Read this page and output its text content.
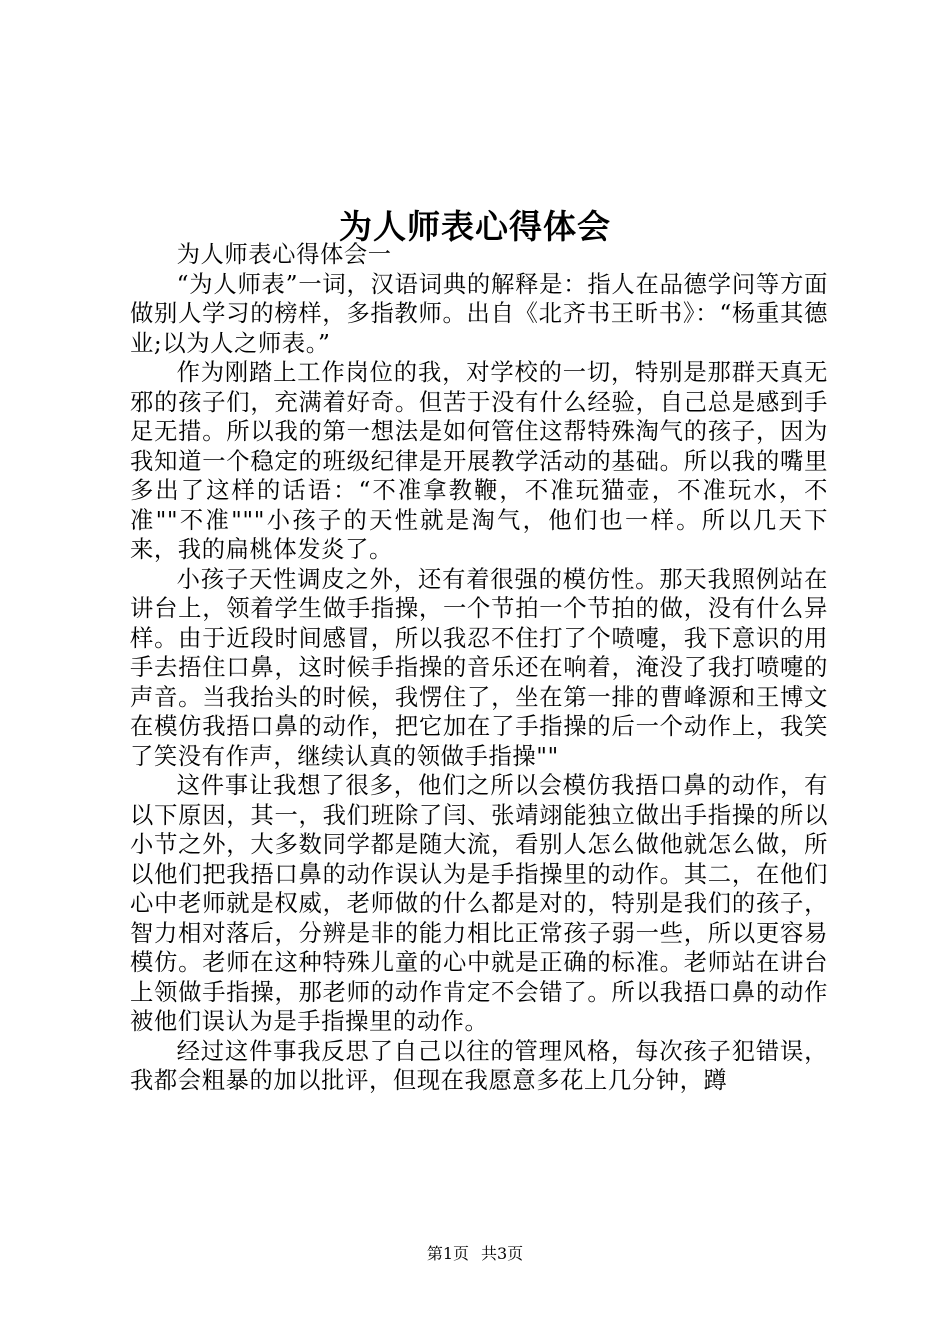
为人师表心得体会

为人师表心得体会一

“为人师表”一词，汉语词典的解释是：指人在品德学问等方面做别人学习的榜样，多指教师。出自《北齐书王昕书》：“杨重其德业;以为人之师表。”

作为刚踏上工作岗位的我，对学校的一切，特别是那群天真无邪的孩子们，充满着好奇。但苦于没有什么经验，自己总是感到手足无措。所以我的第一想法是如何管住这帮特殊淘气的孩子，因为我知道一个稳定的班级纪律是开展教学活动的基础。所以我的嘴里多出了这样的话语：“不准拿教鞭，不准玩猫壶，不准玩水，不准""不准"""小孩子的天性就是淘气，他们也一样。所以几天下来，我的扁桃体发炎了。

小孩子天性调皮之外，还有着很强的模仿性。那天我照例站在讲台上，领着学生做手指操，一个节拍一个节拍的做，没有什么异样。由于近段时间感冒，所以我忍不住打了个喷嚏，我下意识的用手去捂住口鼻，这时候手指操的音乐还在响着，淹没了我打喷嚏的声音。当我抬头的时候，我愣住了，坐在第一排的曹峰源和王博文在模仿我捂口鼻的动作，把它加在了手指操的后一个动作上，我笑了笑没有作声，继续认真的领做手指操""

这件事让我想了很多，他们之所以会模仿我捂口鼻的动作，有以下原因，其一，我们班除了闫、张靖翊能独立做出手指操的所以小节之外，大多数同学都是随大流，看别人怎么做他就怎么做，所以他们把我捂口鼻的动作误认为是手指操里的动作。其二，在他们心中老师就是权威，老师做的什么都是对的，特别是我们的孩子，智力相对落后，分辨是非的能力相比正常孩子弱一些，所以更容易模仿。老师在这种特殊儿童的心中就是正确的标准。老师站在讲台上领做手指操，那老师的动作肯定不会错了。所以我捂口鼻的动作被他们误认为是手指操里的动作。

经过这件事我反思了自己以往的管理风格，每次孩子犯错误，我都会粗暴的加以批评，但现在我愿意多花上几分钟，蹲

第1页 共3页
